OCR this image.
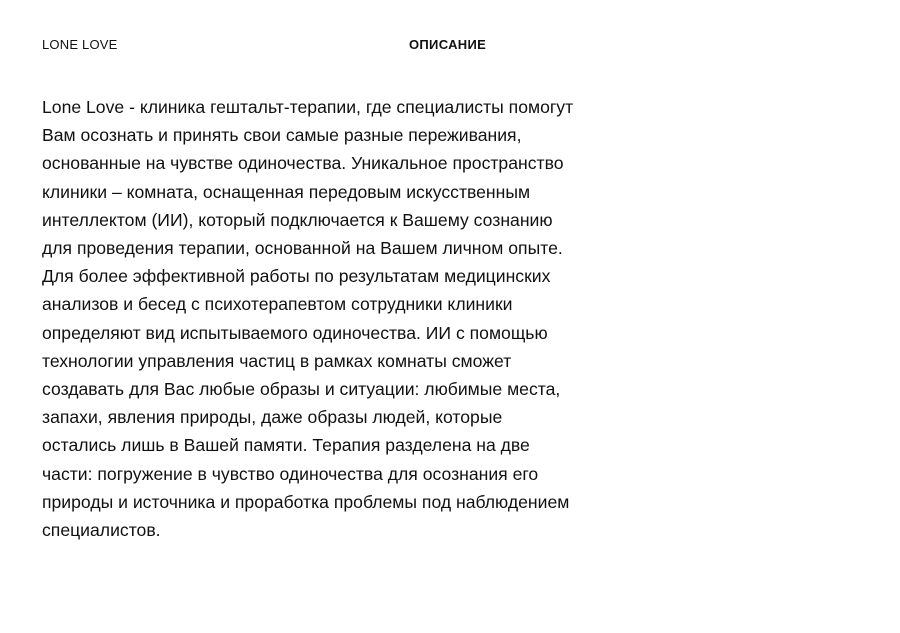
LONE LOVE	ОПИСАНИЕ

Lone Love - клиника гештальт-терапии, где специалисты помогут
Вам осознать и принять свои самые разные переживания,
основанные на чувстве одиночества. Уникальное пространство
клиники – комната, оснащенная передовым искусственным
интеллектом (ИИ), который подключается к Вашему сознанию
для проведения терапии, основанной на Вашем личном опыте.
Для более эффективной работы по результатам медицинских
анализов и бесед с психотерапевтом сотрудники клиники
определяют вид испытываемого одиночества. ИИ с помощью
технологии управления частиц в рамках комнаты сможет
создавать для Вас любые образы и ситуации: любимые места,
запахи, явления природы, даже образы людей, которые
остались лишь в Вашей памяти. Терапия разделена на две
части: погружение в чувство одиночества для осознания его
природы и источника и проработка проблемы под наблюдением
специалистов.
